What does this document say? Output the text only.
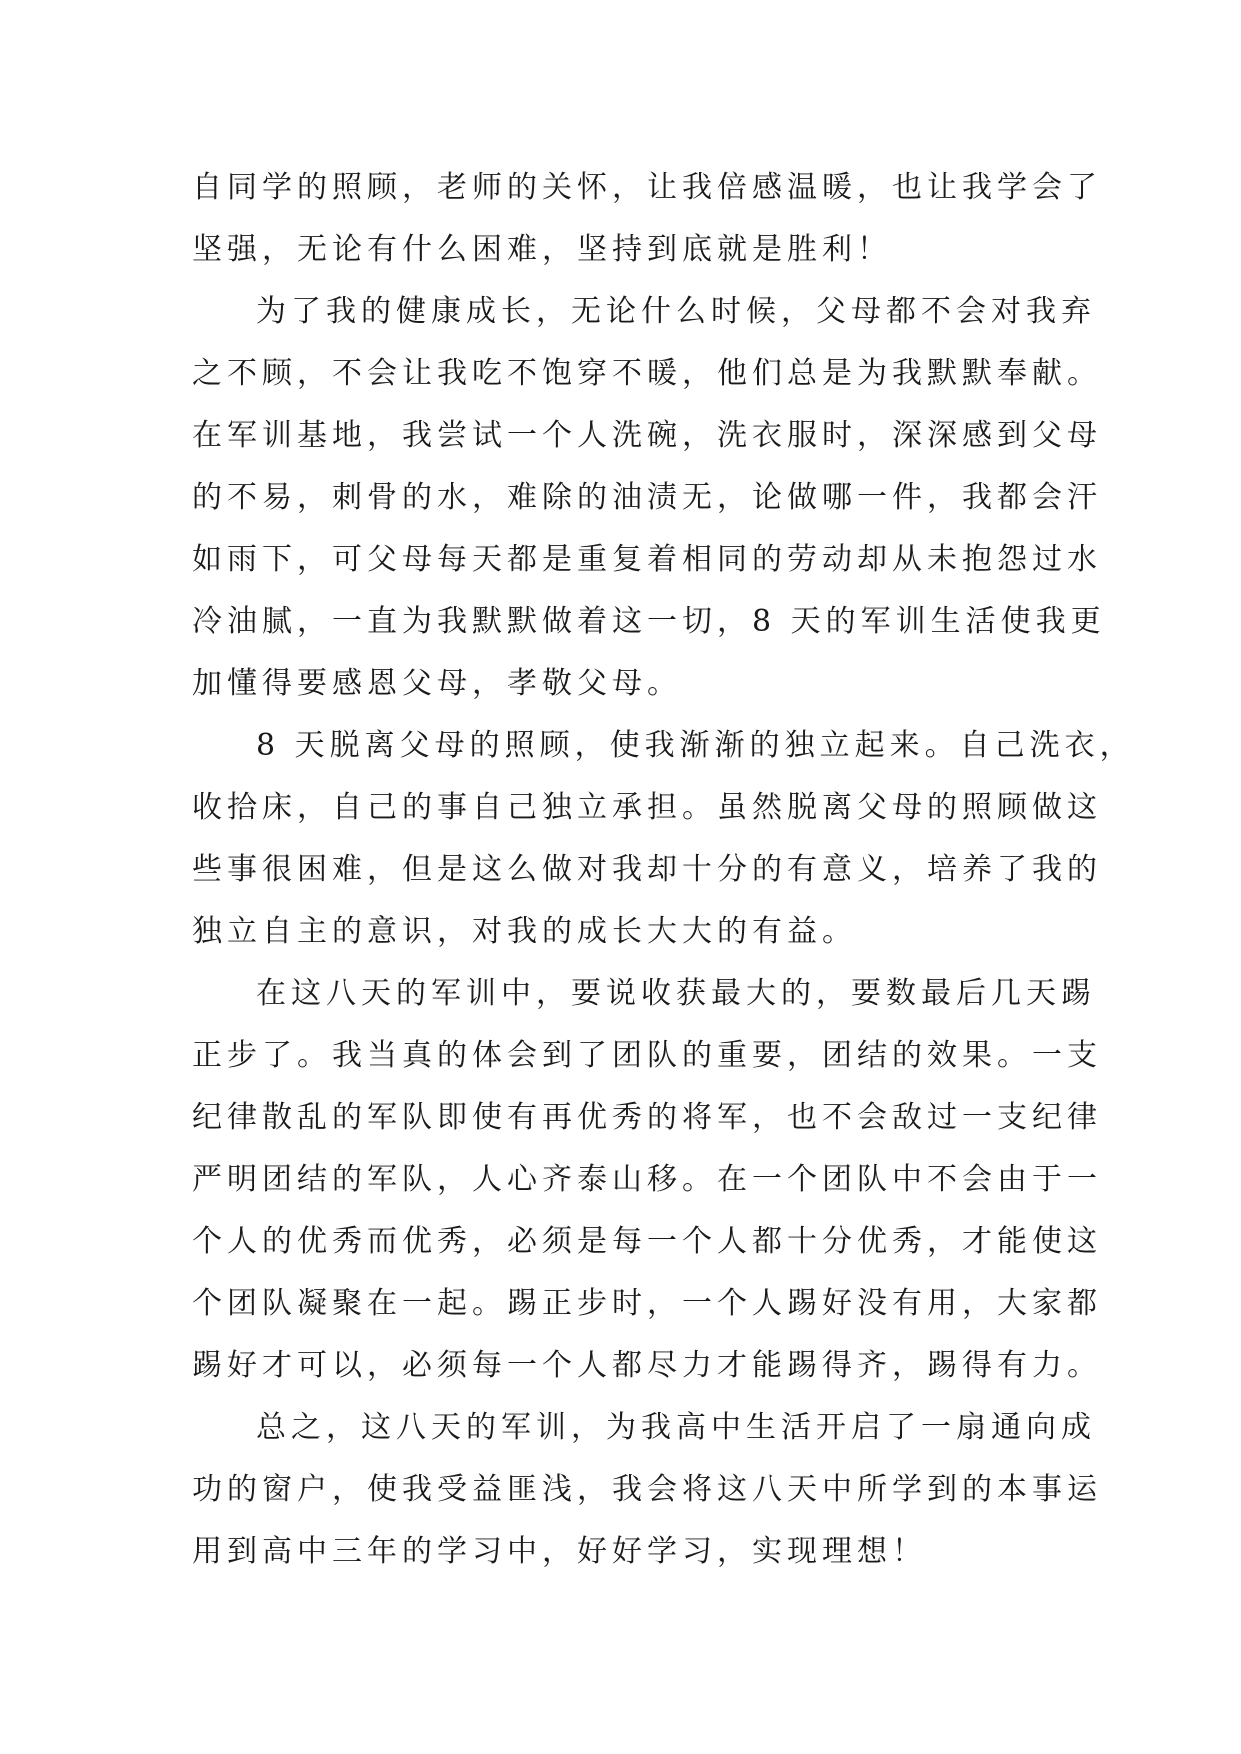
自同学的照顾，老师的关怀，让我倍感温暖，也让我学会了
坚强，无论有什么困难，坚持到底就是胜利！
为了我的健康成长，无论什么时候，父母都不会对我弃
之不顾，不会让我吃不饱穿不暖，他们总是为我默默奉献。
在军训基地，我尝试一个人洗碗，洗衣服时，深深感到父母
的不易，刺骨的水，难除的油渍无，论做哪一件，我都会汗
如雨下，可父母每天都是重复着相同的劳动却从未抱怨过水
冷油腻，一直为我默默做着这一切，8 天的军训生活使我更
加懂得要感恩父母，孝敬父母。
8 天脱离父母的照顾，使我渐渐的独立起来。自己洗衣，
收拾床，自己的事自己独立承担。虽然脱离父母的照顾做这
些事很困难，但是这么做对我却十分的有意义，培养了我的
独立自主的意识，对我的成长大大的有益。
在这八天的军训中，要说收获最大的，要数最后几天踢
正步了。我当真的体会到了团队的重要，团结的效果。一支
纪律散乱的军队即使有再优秀的将军，也不会敌过一支纪律
严明团结的军队，人心齐泰山移。在一个团队中不会由于一
个人的优秀而优秀，必须是每一个人都十分优秀，才能使这
个团队凝聚在一起。踢正步时，一个人踢好没有用，大家都
踢好才可以，必须每一个人都尽力才能踢得齐，踢得有力。
总之，这八天的军训，为我高中生活开启了一扇通向成
功的窗户，使我受益匪浅，我会将这八天中所学到的本事运
用到高中三年的学习中，好好学习，实现理想！
